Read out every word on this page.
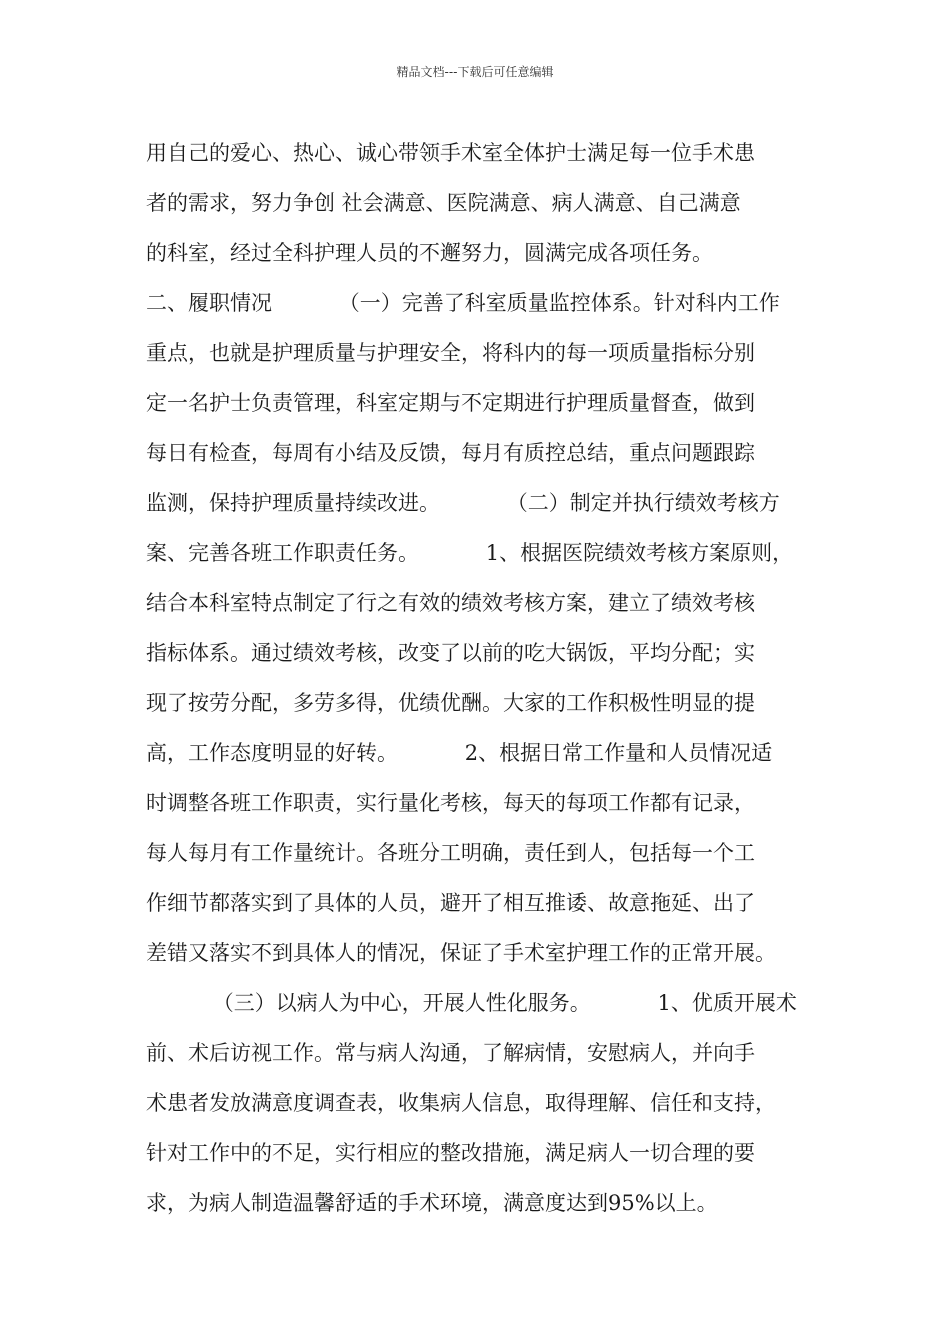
精品文档---下载后可任意编辑
用自己的爱心、热心、诚心带领手术室全体护士满足每一位手术患
者的需求，努力争创 社会满意、医院满意、病人满意、自己满意
的科室，经过全科护理人员的不邂努力，圆满完成各项任务。
二、履职情况          （一）完善了科室质量监控体系。针对科内工作
重点，也就是护理质量与护理安全，将科内的每一项质量指标分别
定一名护士负责管理，科室定期与不定期进行护理质量督查，做到
每日有检查，每周有小结及反馈，每月有质控总结，重点问题跟踪
监测，保持护理质量持续改进。          （二）制定并执行绩效考核方
案、完善各班工作职责任务。          1、根据医院绩效考核方案原则，
结合本科室特点制定了行之有效的绩效考核方案，建立了绩效考核
指标体系。通过绩效考核，改变了以前的吃大锅饭，平均分配；实
现了按劳分配，多劳多得，优绩优酬。大家的工作积极性明显的提
高，工作态度明显的好转。          2、根据日常工作量和人员情况适
时调整各班工作职责，实行量化考核，每天的每项工作都有记录，
每人每月有工作量统计。各班分工明确，责任到人，包括每一个工
作细节都落实到了具体的人员，避开了相互推诿、故意拖延、出了
差错又落实不到具体人的情况，保证了手术室护理工作的正常开展。
（三）以病人为中心，开展人性化服务。          1、优质开展术
前、术后访视工作。常与病人沟通，了解病情，安慰病人，并向手
术患者发放满意度调查表，收集病人信息，取得理解、信任和支持，
针对工作中的不足，实行相应的整改措施，满足病人一切合理的要
求，为病人制造温馨舒适的手术环境，满意度达到95%以上。
